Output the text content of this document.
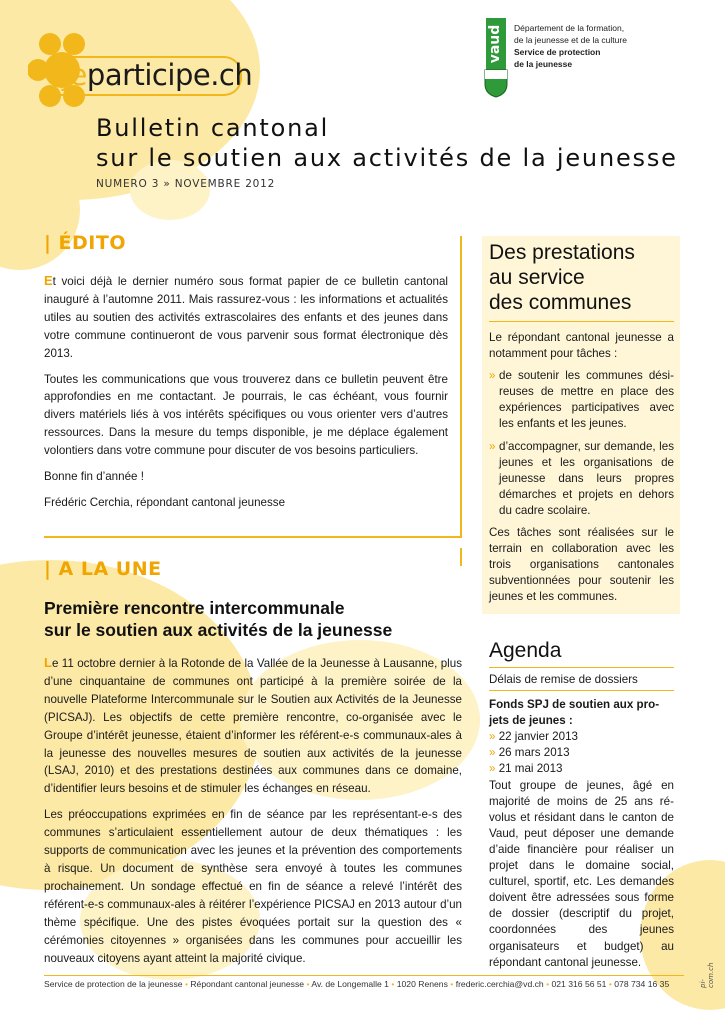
jeparticipe.ch
canton de vaud	Département de la formation,
de la jeunesse et de la culture
Service de protection
de la jeunesse
Bulletin cantonal
sur le soutien aux activités de la jeunesse
NUMERO 3 » NOVEMBRE 2012
| ÉDITO

Et voici déjà le dernier numéro sous format papier de ce bulletin cantonal inauguré à l’automne 2011. Mais rassurez-vous : les informations et actualités utiles au soutien des activités extrascolaires des enfants et des jeunes dans votre commune continueront de vous parvenir sous format électronique dès 2013.

Toutes les communications que vous trouverez dans ce bulletin peuvent être approfondies en me contactant. Je pourrais, le cas échéant, vous fournir divers matériels liés à vos intérêts spécifiques ou vous orienter vers d’autres ressources. Dans la mesure du temps disponible, je me déplace également volontiers dans votre commune pour discuter de vos besoins particuliers.

Bonne fin d’année !

Frédéric Cerchia, répondant cantonal jeunesse

| A LA UNE
Première rencontre intercommunale
sur le soutien aux activités de la jeunesse

Le 11 octobre dernier à la Rotonde de la Vallée de la Jeunesse à Lausanne, plus d’une cinquantaine de communes ont participé à la première soirée de la nouvelle Plateforme Intercommunale sur le Soutien aux Activités de la Jeunesse (PICSAJ). Les objectifs de cette première rencontre, co-organisée avec le Groupe d’intérêt jeunesse, étaient d’informer les référent-e-s communaux-ales à la jeunesse des nouvelles mesures de soutien aux activités de la jeunesse (LSAJ, 2010) et des prestations destinées aux communes dans ce domaine, d’identifier leurs besoins et de stimuler les échanges en réseau.

Les préoccupations exprimées en fin de séance par les représentant-e-s des communes s’articulaient essentiellement autour de deux thématiques : les supports de communication avec les jeunes et la prévention des comportements à risque. Un document de synthèse sera envoyé à toutes les communes prochainement. Un sondage effectué en fin de séance a relevé l’intérêt des référent-e-s communaux-ales à réitérer l’expérience PICSAJ en 2013 autour d’un thème spécifique. Une des pistes évoquées portait sur la question des « cérémonies citoyennes » organisées dans les communes pour accueillir les nouveaux citoyens ayant atteint la majorité civique.

Des prestations
au service
des communes

Le répondant cantonal jeunesse a notamment pour tâches :

» de soutenir les communes désireuses de mettre en place des expériences participatives avec les enfants et les jeunes.
» d’accompagner, sur demande, les jeunes et les organisations de jeunesse dans leurs propres démarches et projets en dehors du cadre scolaire.

Ces tâches sont réalisées sur le terrain en collaboration avec les trois organisations cantonales subventionnées pour soutenir les jeunes et les communes.

Agenda
Délais de remise de dossiers
Fonds SPJ de soutien aux pro-
jets de jeunes :
» 22 janvier 2013
» 26 mars 2013
» 21 mai 2013
Tout groupe de jeunes, âgé en majorité de moins de 25 ans révolus et résidant dans le canton de Vaud, peut déposer une demande d’aide financière pour réaliser un projet dans le domaine social, culturel, sportif, etc. Les demandes doivent être adressées sous forme de dossier (descriptif du projet, coordonnées des jeunes organisateurs et budget) au répondant cantonal jeunesse.
Service de protection de la jeunesse • Répondant cantonal jeunesse • Av. de Longemalle 1 • 1020 Renens • frederic.cerchia@vd.ch • 021 316 56 51 • 078 734 16 35	pi-com.ch
